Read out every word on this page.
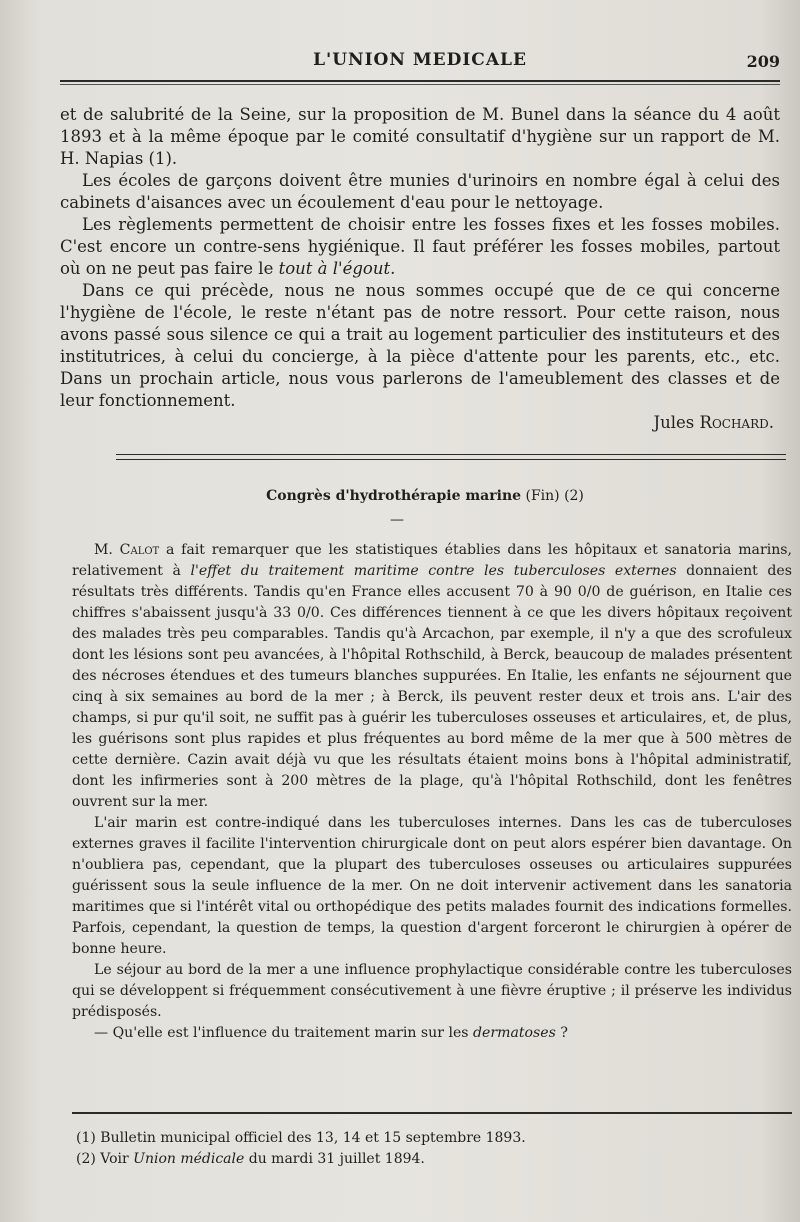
L'UNION MEDICALE	209

et de salubrité de la Seine, sur la proposition de M. Bunel dans la séance du 4 août 1893 et à la même époque par le comité consultatif d'hygiène sur un rapport de M. H. Napias (1).

Les écoles de garçons doivent être munies d'urinoirs en nombre égal à celui des cabinets d'aisances avec un écoulement d'eau pour le nettoyage.

Les règlements permettent de choisir entre les fosses fixes et les fosses mobiles. C'est encore un contre-sens hygiénique. Il faut préférer les fosses mobiles, partout où on ne peut pas faire le tout à l'égout.

Dans ce qui précède, nous ne nous sommes occupé que de ce qui concerne l'hygiène de l'école, le reste n'étant pas de notre ressort. Pour cette raison, nous avons passé sous silence ce qui a trait au logement particulier des instituteurs et des institutrices, à celui du concierge, à la pièce d'attente pour les parents, etc., etc. Dans un prochain article, nous vous parlerons de l'ameublement des classes et de leur fonctionnement.

Jules Rochard.

Congrès d'hydrothérapie marine (Fin) (2)
—

M. Calot a fait remarquer que les statistiques établies dans les hôpitaux et sanatoria marins, relativement à l'effet du traitement maritime contre les tuberculoses externes donnaient des résultats très différents. Tandis qu'en France elles accusent 70 à 90 0/0 de guérison, en Italie ces chiffres s'abaissent jusqu'à 33 0/0. Ces différences tiennent à ce que les divers hôpitaux reçoivent des malades très peu comparables. Tandis qu'à Arcachon, par exemple, il n'y a que des scrofuleux dont les lésions sont peu avancées, à l'hôpital Rothschild, à Berck, beaucoup de malades présentent des nécroses étendues et des tumeurs blanches suppurées. En Italie, les enfants ne séjournent que cinq à six semaines au bord de la mer ; à Berck, ils peuvent rester deux et trois ans. L'air des champs, si pur qu'il soit, ne suffit pas à guérir les tuberculoses osseuses et articulaires, et, de plus, les guérisons sont plus rapides et plus fréquentes au bord même de la mer que à 500 mètres de cette dernière. Cazin avait déjà vu que les résultats étaient moins bons à l'hôpital administratif, dont les infirmeries sont à 200 mètres de la plage, qu'à l'hôpital Rothschild, dont les fenêtres ouvrent sur la mer.

L'air marin est contre-indiqué dans les tuberculoses internes. Dans les cas de tuberculoses externes graves il facilite l'intervention chirurgicale dont on peut alors espérer bien davantage. On n'oubliera pas, cependant, que la plupart des tuberculoses osseuses ou articulaires suppurées guérissent sous la seule influence de la mer. On ne doit intervenir activement dans les sanatoria maritimes que si l'intérêt vital ou orthopédique des petits malades fournit des indications formelles. Parfois, cependant, la question de temps, la question d'argent forceront le chirurgien à opérer de bonne heure.

Le séjour au bord de la mer a une influence prophylactique considérable contre les tuberculoses qui se développent si fréquemment consécutivement à une fièvre éruptive ; il préserve les individus prédisposés.

— Qu'elle est l'influence du traitement marin sur les dermatoses ?

(1) Bulletin municipal officiel des 13, 14 et 15 septembre 1893.

(2) Voir Union médicale du mardi 31 juillet 1894.
